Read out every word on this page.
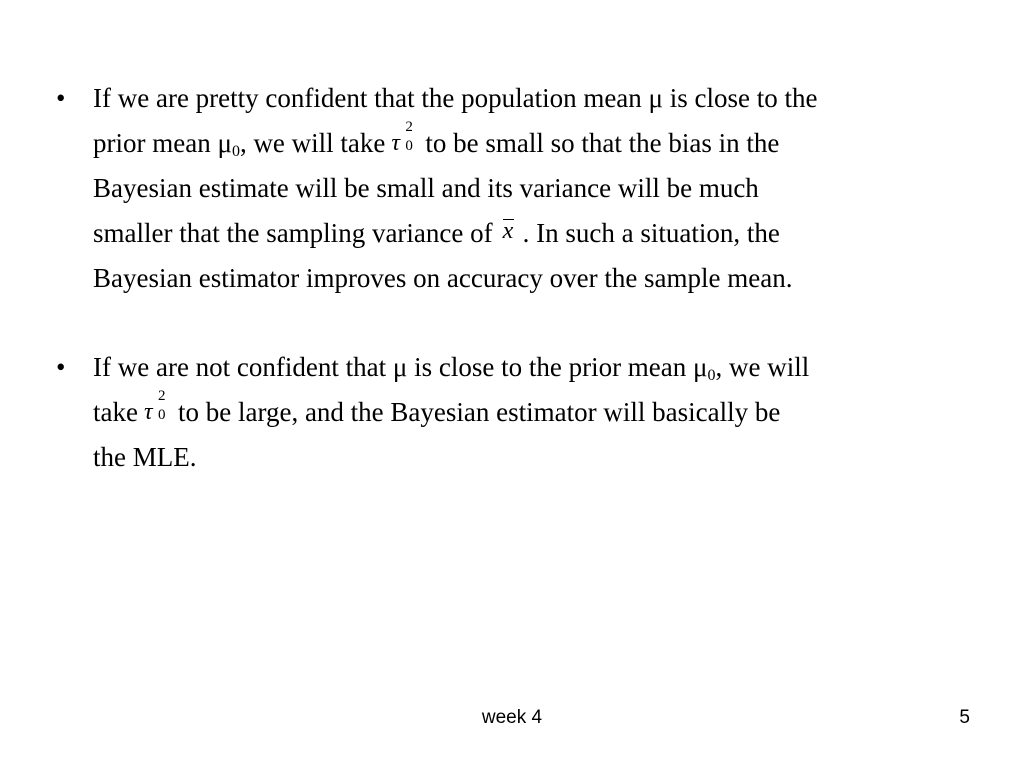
• If we are pretty confident that the population mean μ is close to the
prior mean $\mu_0$, we will take τ
2
0 to be small so that the bias in the
Bayesian estimate will be small and its variance will be much
smaller that the sampling variance of x . In such a situation, the
Bayesian estimator improves on accuracy over the sample mean.
• If we are not confident that μ is close to the prior mean $\mu_0$, we will
take τ
2
0 to be large, and the Bayesian estimator will basically be
the MLE.
week 4	5
